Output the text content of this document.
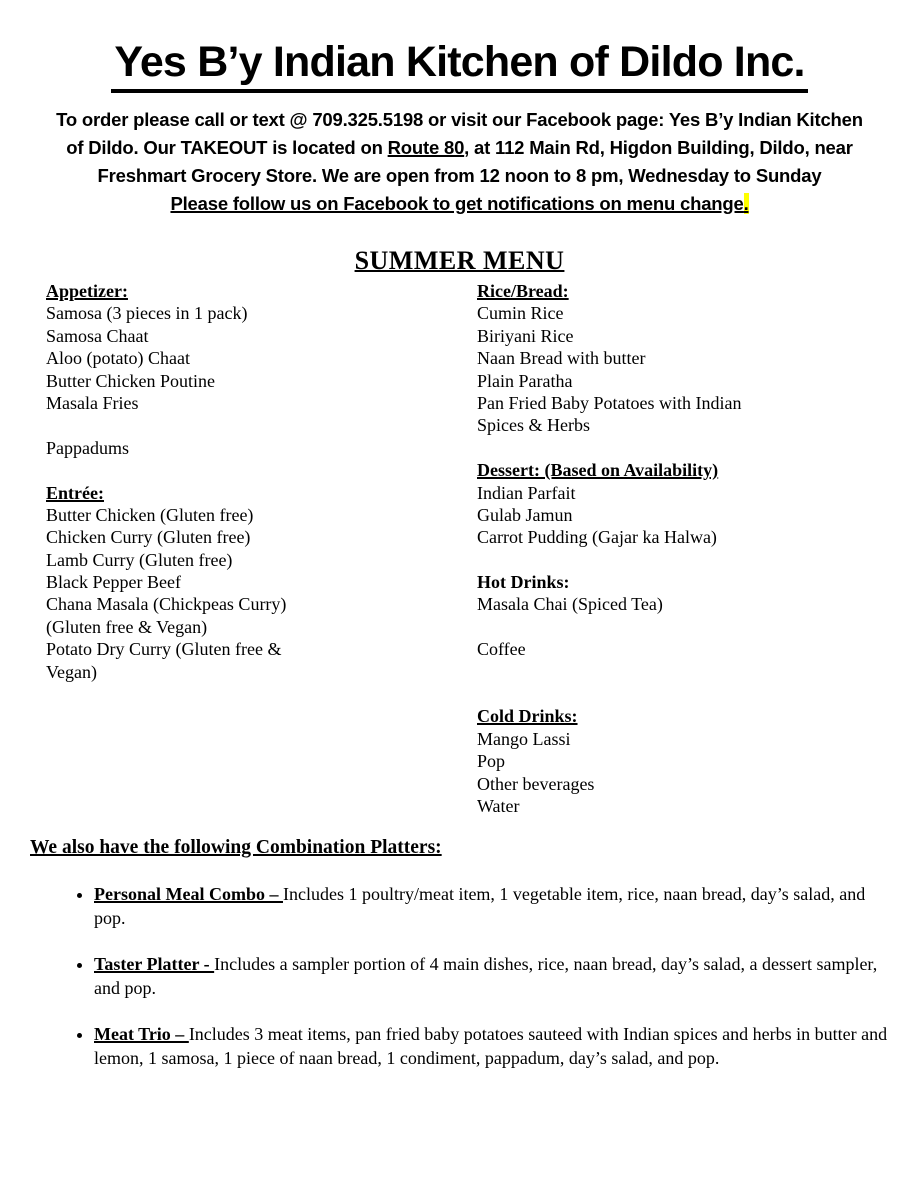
Yes B’y Indian Kitchen of Dildo Inc.
To order please call or text @ 709.325.5198 or visit our Facebook page: Yes B’y Indian Kitchen
of Dildo. Our TAKEOUT is located on Route 80, at 112 Main Rd, Higdon Building, Dildo, near
Freshmart Grocery Store. We are open from 12 noon to 8 pm, Wednesday to Sunday
Please follow us on Facebook to get notifications on menu change.
SUMMER MENU
Appetizer:
Samosa (3 pieces in 1 pack)
Samosa Chaat
Aloo (potato) Chaat
Butter Chicken Poutine
Masala Fries
Pappadums
Entrée:
Butter Chicken (Gluten free)
Chicken Curry (Gluten free)
Lamb Curry (Gluten free)
Black Pepper Beef
Chana Masala (Chickpeas Curry)
(Gluten free & Vegan)
Potato Dry Curry (Gluten free &
Vegan)
Rice/Bread:
Cumin Rice
Biriyani Rice
Naan Bread with butter
Plain Paratha
Pan Fried Baby Potatoes with Indian
Spices & Herbs
Dessert: (Based on Availability)
Indian Parfait
Gulab Jamun
Carrot Pudding (Gajar ka Halwa)
Hot Drinks:
Masala Chai (Spiced Tea)
Coffee
Cold Drinks:
Mango Lassi
Pop
Other beverages
Water
We also have the following Combination Platters:
• Personal Meal Combo – Includes 1 poultry/meat item, 1 vegetable item, rice, naan bread, day’s salad, and pop.
• Taster Platter - Includes a sampler portion of 4 main dishes, rice, naan bread, day’s salad, a dessert sampler, and pop.
• Meat Trio – Includes 3 meat items, pan fried baby potatoes sauteed with Indian spices and herbs in butter and lemon, 1 samosa, 1 piece of naan bread, 1 condiment, pappadum, day’s salad, and pop.
